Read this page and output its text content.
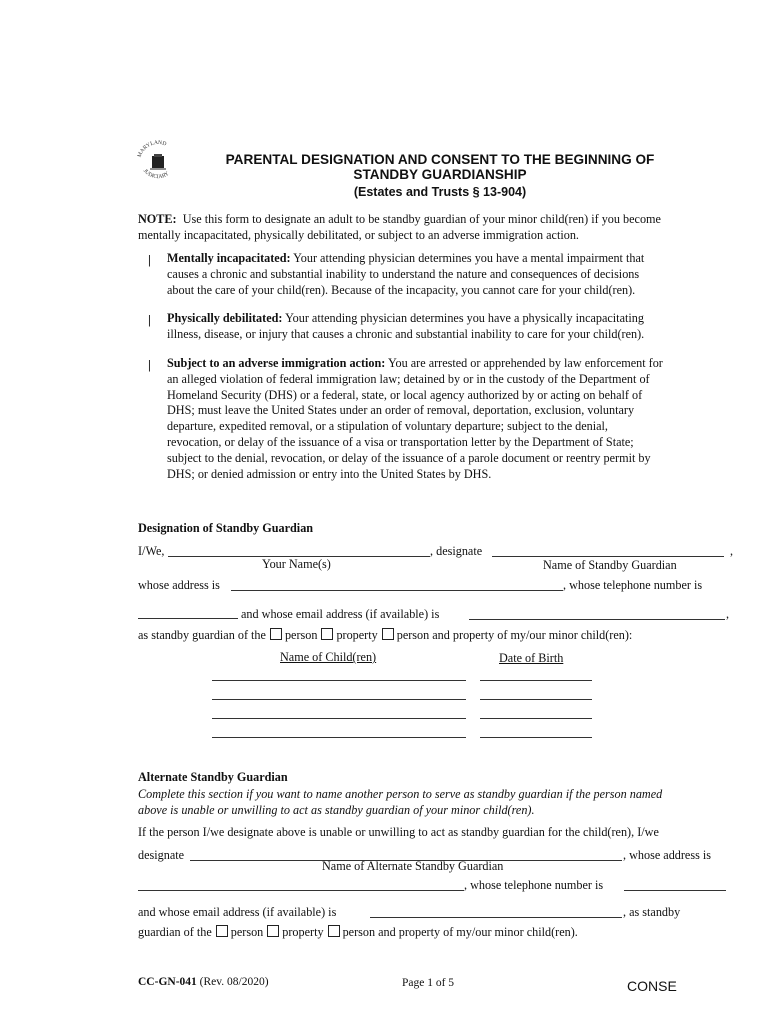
MARYLAND
JUDICIARY
PARENTAL DESIGNATION AND CONSENT TO THE BEGINNING OF
STANDBY GUARDIANSHIP
(Estates and Trusts § 13-904)
NOTE: Use this form to designate an adult to be standby guardian of your minor child(ren) if you become
mentally incapacitated, physically debilitated, or subject to an adverse immigration action.
| Mentally incapacitated: Your attending physician determines you have a mental impairment that
causes a chronic and substantial inability to understand the nature and consequences of decisions
about the care of your child(ren). Because of the incapacity, you cannot care for your child(ren).
| Physically debilitated: Your attending physician determines you have a physically incapacitating
illness, disease, or injury that causes a chronic and substantial inability to care for your child(ren).
| Subject to an adverse immigration action: You are arrested or apprehended by law enforcement for
an alleged violation of federal immigration law; detained by or in the custody of the Department of
Homeland Security (DHS) or a federal, state, or local agency authorized by or acting on behalf of
DHS; must leave the United States under an order of removal, deportation, exclusion, voluntary
departure, expedited removal, or a stipulation of voluntary departure; subject to the denial,
revocation, or delay of the issuance of a visa or transportation letter by the Department of State;
subject to the denial, revocation, or delay of the issuance of a parole document or reentry permit by
DHS; or denied admission or entry into the United States by DHS.
Designation of Standby Guardian
I/We,	, designate	,
Your Name(s)	Name of Standby Guardian
whose address is	, whose telephone number is
and whose email address (if available) is	,
as standby guardian of the person property person and property of my/our minor child(ren):
Name of Child(ren)	Date of Birth
Alternate Standby Guardian
Complete this section if you want to name another person to serve as standby guardian if the person named
above is unable or unwilling to act as standby guardian of your minor child(ren).
If the person I/we designate above is unable or unwilling to act as standby guardian for the child(ren), I/we
designate	, whose address is
Name of Alternate Standby Guardian
, whose telephone number is
and whose email address (if available) is	, as standby
guardian of the person property person and property of my/our minor child(ren).
CC-GN-041 (Rev. 08/2020)	Page 1 of 5	CONSE
